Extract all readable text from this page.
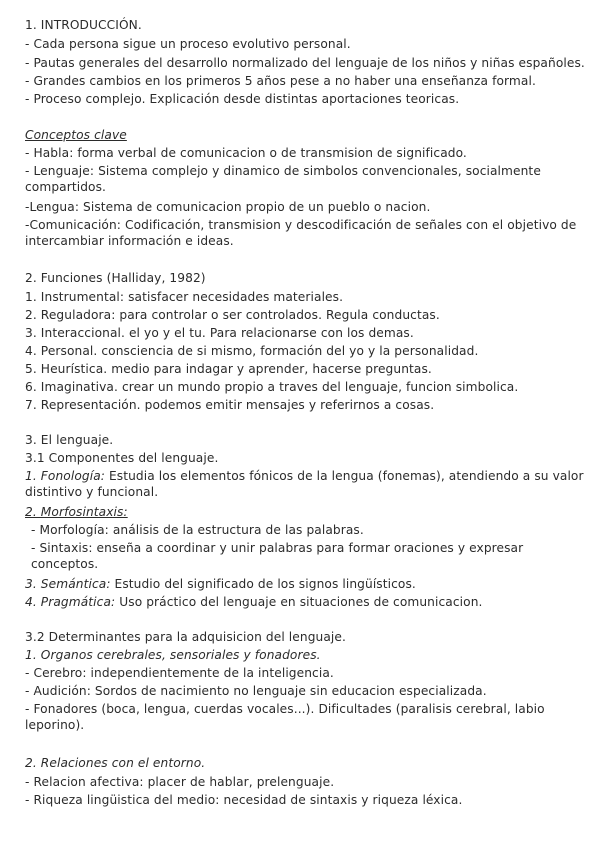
1. INTRODUCCIÓN.
- Cada persona sigue un proceso evolutivo personal.
- Pautas generales del desarrollo normalizado del lenguaje de los niños y niñas españoles.
- Grandes cambios en los primeros 5 años pese a no haber una enseñanza formal.
- Proceso complejo. Explicación desde distintas aportaciones teoricas.
Conceptos clave
- Habla: forma verbal de comunicacion o de transmision de significado.
- Lenguaje: Sistema complejo y dinamico de simbolos convencionales, socialmente compartidos.
-Lengua: Sistema de comunicacion propio de un pueblo o nacion.
-Comunicación: Codificación, transmision y descodificación de señales con el objetivo de intercambiar información e ideas.
2. Funciones (Halliday, 1982)
1. Instrumental: satisfacer necesidades materiales.
2. Reguladora: para controlar o ser controlados. Regula conductas.
3. Interaccional. el yo y el tu. Para relacionarse con los demas.
4. Personal. consciencia de si mismo, formación del yo y la personalidad.
5. Heurística. medio para indagar y aprender, hacerse preguntas.
6. Imaginativa. crear un mundo propio a traves del lenguaje, funcion simbolica.
7. Representación. podemos emitir mensajes y referirnos a cosas.
3. El lenguaje.
3.1 Componentes del lenguaje.
1. Fonología: Estudia los elementos fónicos de la lengua (fonemas), atendiendo a su valor distintivo y funcional.
2. Morfosintaxis:
- Morfología: análisis de la estructura de las palabras.
- Sintaxis: enseña a coordinar y unir palabras para formar oraciones y expresar conceptos.
3. Semántica: Estudio del significado de los signos lingüísticos.
4. Pragmática: Uso práctico del lenguaje en situaciones de comunicacion.
3.2 Determinantes para la adquisicion del lenguaje.
1. Organos cerebrales, sensoriales y fonadores.
- Cerebro: independientemente de la inteligencia.
- Audición: Sordos de nacimiento no lenguaje sin educacion especializada.
- Fonadores (boca, lengua, cuerdas vocales...). Dificultades (paralisis cerebral, labio leporino).
2. Relaciones con el entorno.
- Relacion afectiva: placer de hablar, prelenguaje.
- Riqueza lingüistica del medio: necesidad de sintaxis y riqueza léxica.
